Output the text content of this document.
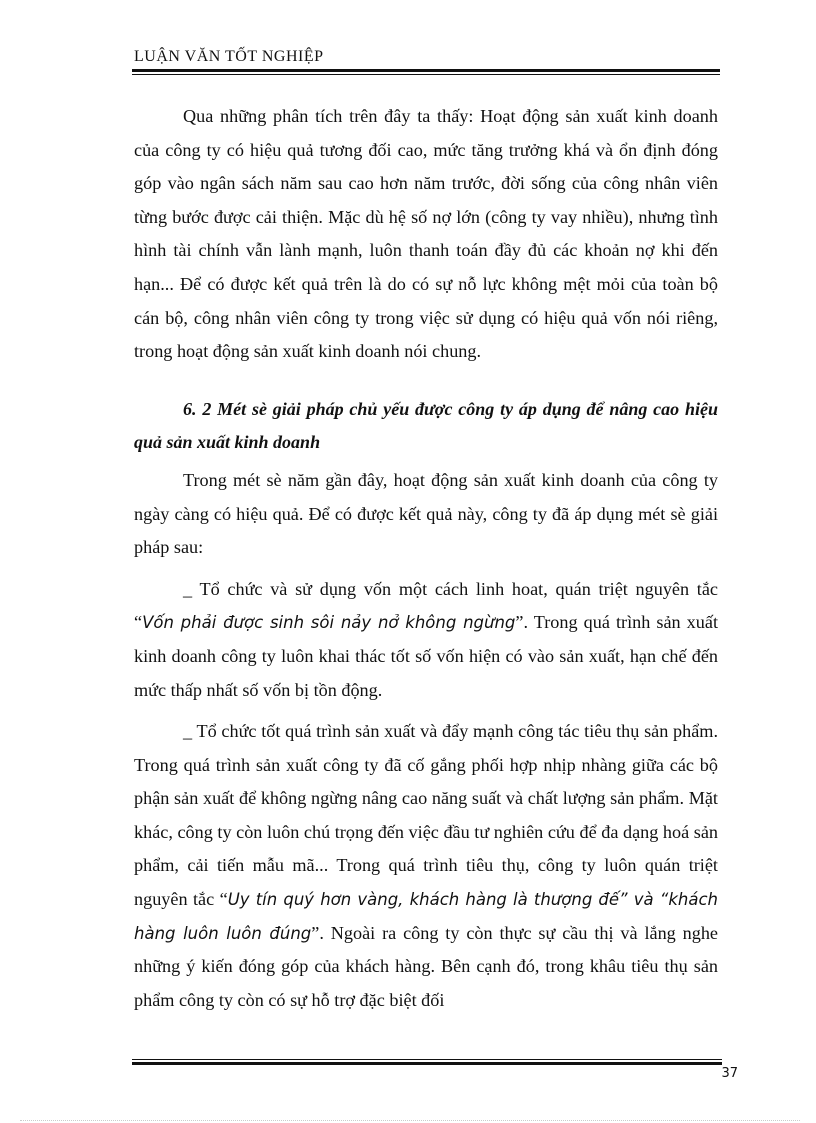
LUẬN VĂN TỐT NGHIỆP

Qua những phân tích trên đây ta thấy: Hoạt động sản xuất kinh doanh của công ty có hiệu quả tương đối cao, mức tăng trưởng khá và ổn định đóng góp vào ngân sách năm sau cao hơn năm trước, đời sống của công nhân viên từng bước được cải thiện. Mặc dù hệ số nợ lớn (công ty vay nhiều), nhưng tình hình tài chính vẫn lành mạnh, luôn thanh toán đầy đủ các khoản nợ khi đến hạn... Để có được kết quả trên là do có sự nỗ lực không mệt mỏi của toàn bộ cán bộ, công nhân viên công ty trong việc sử dụng có hiệu quả vốn nói riêng, trong hoạt động sản xuất kinh doanh nói chung.

6. 2 Mét sè giải pháp chủ yếu được công ty áp dụng để nâng cao hiệu quả sản xuất kinh doanh

Trong mét sè năm gần đây, hoạt động sản xuất kinh doanh của công ty ngày càng có hiệu quả. Để có được kết quả này, công ty đã áp dụng mét sè giải pháp sau:

_ Tổ chức và sử dụng vốn một cách linh hoat, quán triệt nguyên tắc “Vốn phải được sinh sôi nảy nở không ngừng”. Trong quá trình sản xuất kinh doanh công ty luôn khai thác tốt số vốn hiện có vào sản xuất, hạn chế đến mức thấp nhất số vốn bị tồn động.

_ Tổ chức tốt quá trình sản xuất và đẩy mạnh công tác tiêu thụ sản phẩm. Trong quá trình sản xuất công ty đã cố gắng phối hợp nhịp nhàng giữa các bộ phận sản xuất để không ngừng nâng cao năng suất và chất lượng sản phẩm. Mặt khác, công ty còn luôn chú trọng đến việc đầu tư nghiên cứu để đa dạng hoá sản phẩm, cải tiến mẫu mã... Trong quá trình tiêu thụ, công ty luôn quán triệt nguyên tắc “Uy tín quý hơn vàng, khách hàng là thượng đế” và “khách hàng luôn luôn đúng”. Ngoài ra công ty còn thực sự cầu thị và lắng nghe những ý kiến đóng góp của khách hàng. Bên cạnh đó, trong khâu tiêu thụ sản phẩm công ty còn có sự hỗ trợ đặc biệt đối

37
